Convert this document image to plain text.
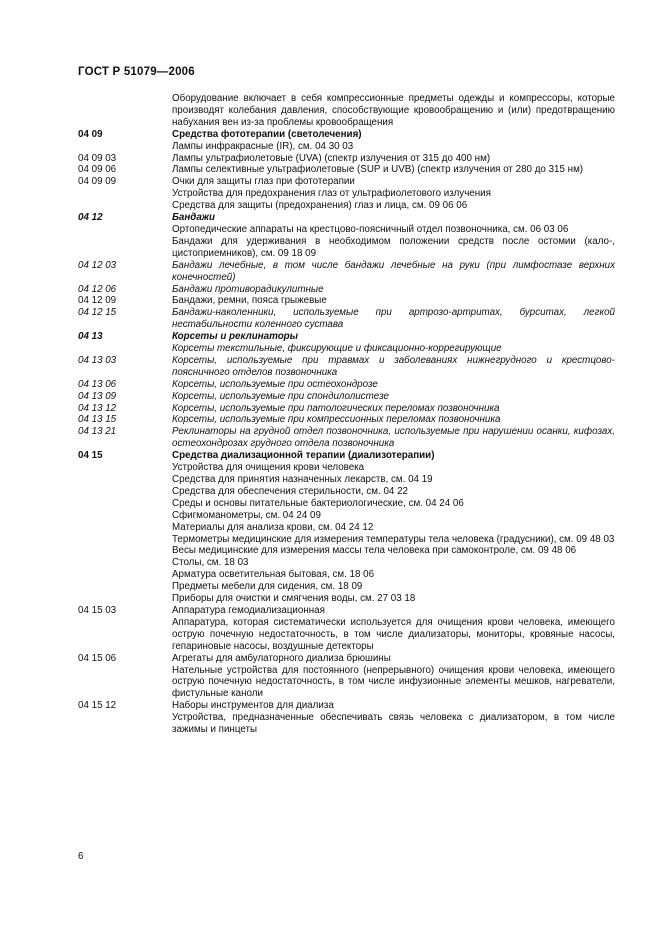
ГОСТ Р 51079—2006
Оборудование включает в себя компрессионные предметы одежды и компрессоры, которые производят колебания давления, способствующие кровообращению и (или) предотвращению набухания вен из-за проблемы кровообращения
04 09	Средства фототерапии (светолечения)
Лампы инфракрасные (IR), см. 04 30 03
04 09 03	Лампы ультрафиолетовые (UVA) (спектр излучения от 315 до 400 нм)
04 09 06	Лампы селективные ультрафиолетовые (SUP и UVB) (спектр излучения от 280 до 315 нм)
04 09 09	Очки для защиты глаз при фототерапии
Устройства для предохранения глаз от ультрафиолетового излучения
Средства для защиты (предохранения) глаз и лица, см. 09 06 06
04 12	Бандажи
Ортопедические аппараты на крестцово-поясничный отдел позвоночника, см. 06 03 06
Бандажи для удерживания в необходимом положении средств после остомии (кало-, цистоприемников), см. 09 18 09
04 12 03	Бандажи лечебные, в том числе бандажи лечебные на руки (при лимфостазе верхних конечностей)
04 12 06	Бандажи противорадикулитные
04 12 09	Бандажи, ремни, пояса грыжевые
04 12 15	Бандажи-наколенники, используемые при артрозо-артритах, бурситах, легкой нестабильности коленного сустава
04 13	Корсеты и реклинаторы
Корсеты текстильные, фиксирующие и фиксационно-коррегирующие
04 13 03	Корсеты, используемые при травмах и заболеваниях нижнегрудного и крестцово-поясничного отделов позвоночника
04 13 06	Корсеты, используемые при остеохондрозе
04 13 09	Корсеты, используемые при спондилолистезе
04 13 12	Корсеты, используемые при патологических переломах позвоночника
04 13 15	Корсеты, используемые при компрессионных переломах позвоночника
04 13 21	Реклинаторы на грудной отдел позвоночника, используемые при нарушении осанки, кифозах, остеохондрозах грудного отдела позвоночника
04 15	Средства диализационной терапии (диализотерапии)
Устройства для очищения крови человека
Средства для принятия назначенных лекарств, см. 04 19
Средства для обеспечения стерильности, см. 04 22
Среды и основы питательные бактериологические, см. 04 24 06
Сфигмоманометры, см. 04 24 09
Материалы для анализа крови, см. 04 24 12
Термометры медицинские для измерения температуры тела человека (градусники), см. 09 48 03
Весы медицинские для измерения массы тела человека при самоконтроле, см. 09 48 06
Столы, см. 18 03
Арматура осветительная бытовая, см. 18 06
Предметы мебели для сидения, см. 18 09
Приборы для очистки и смягчения воды, см. 27 03 18
04 15 03	Аппаратура гемодиализационная
Аппаратура, которая систематически используется для очищения крови человека, имеющего острую почечную недостаточность, в том числе диализаторы, мониторы, кровяные насосы, гепариновые насосы, воздушные детекторы
04 15 06	Агрегаты для амбулаторного диализа брюшины
Нательные устройства для постоянного (непрерывного) очищения крови человека, имеющего острую почечную недостаточность, в том числе инфузионные элементы мешков, нагреватели, фистульные каноли
04 15 12	Наборы инструментов для диализа
Устройства, предназначенные обеспечивать связь человека с диализатором, в том числе зажимы и пинцеты
6
